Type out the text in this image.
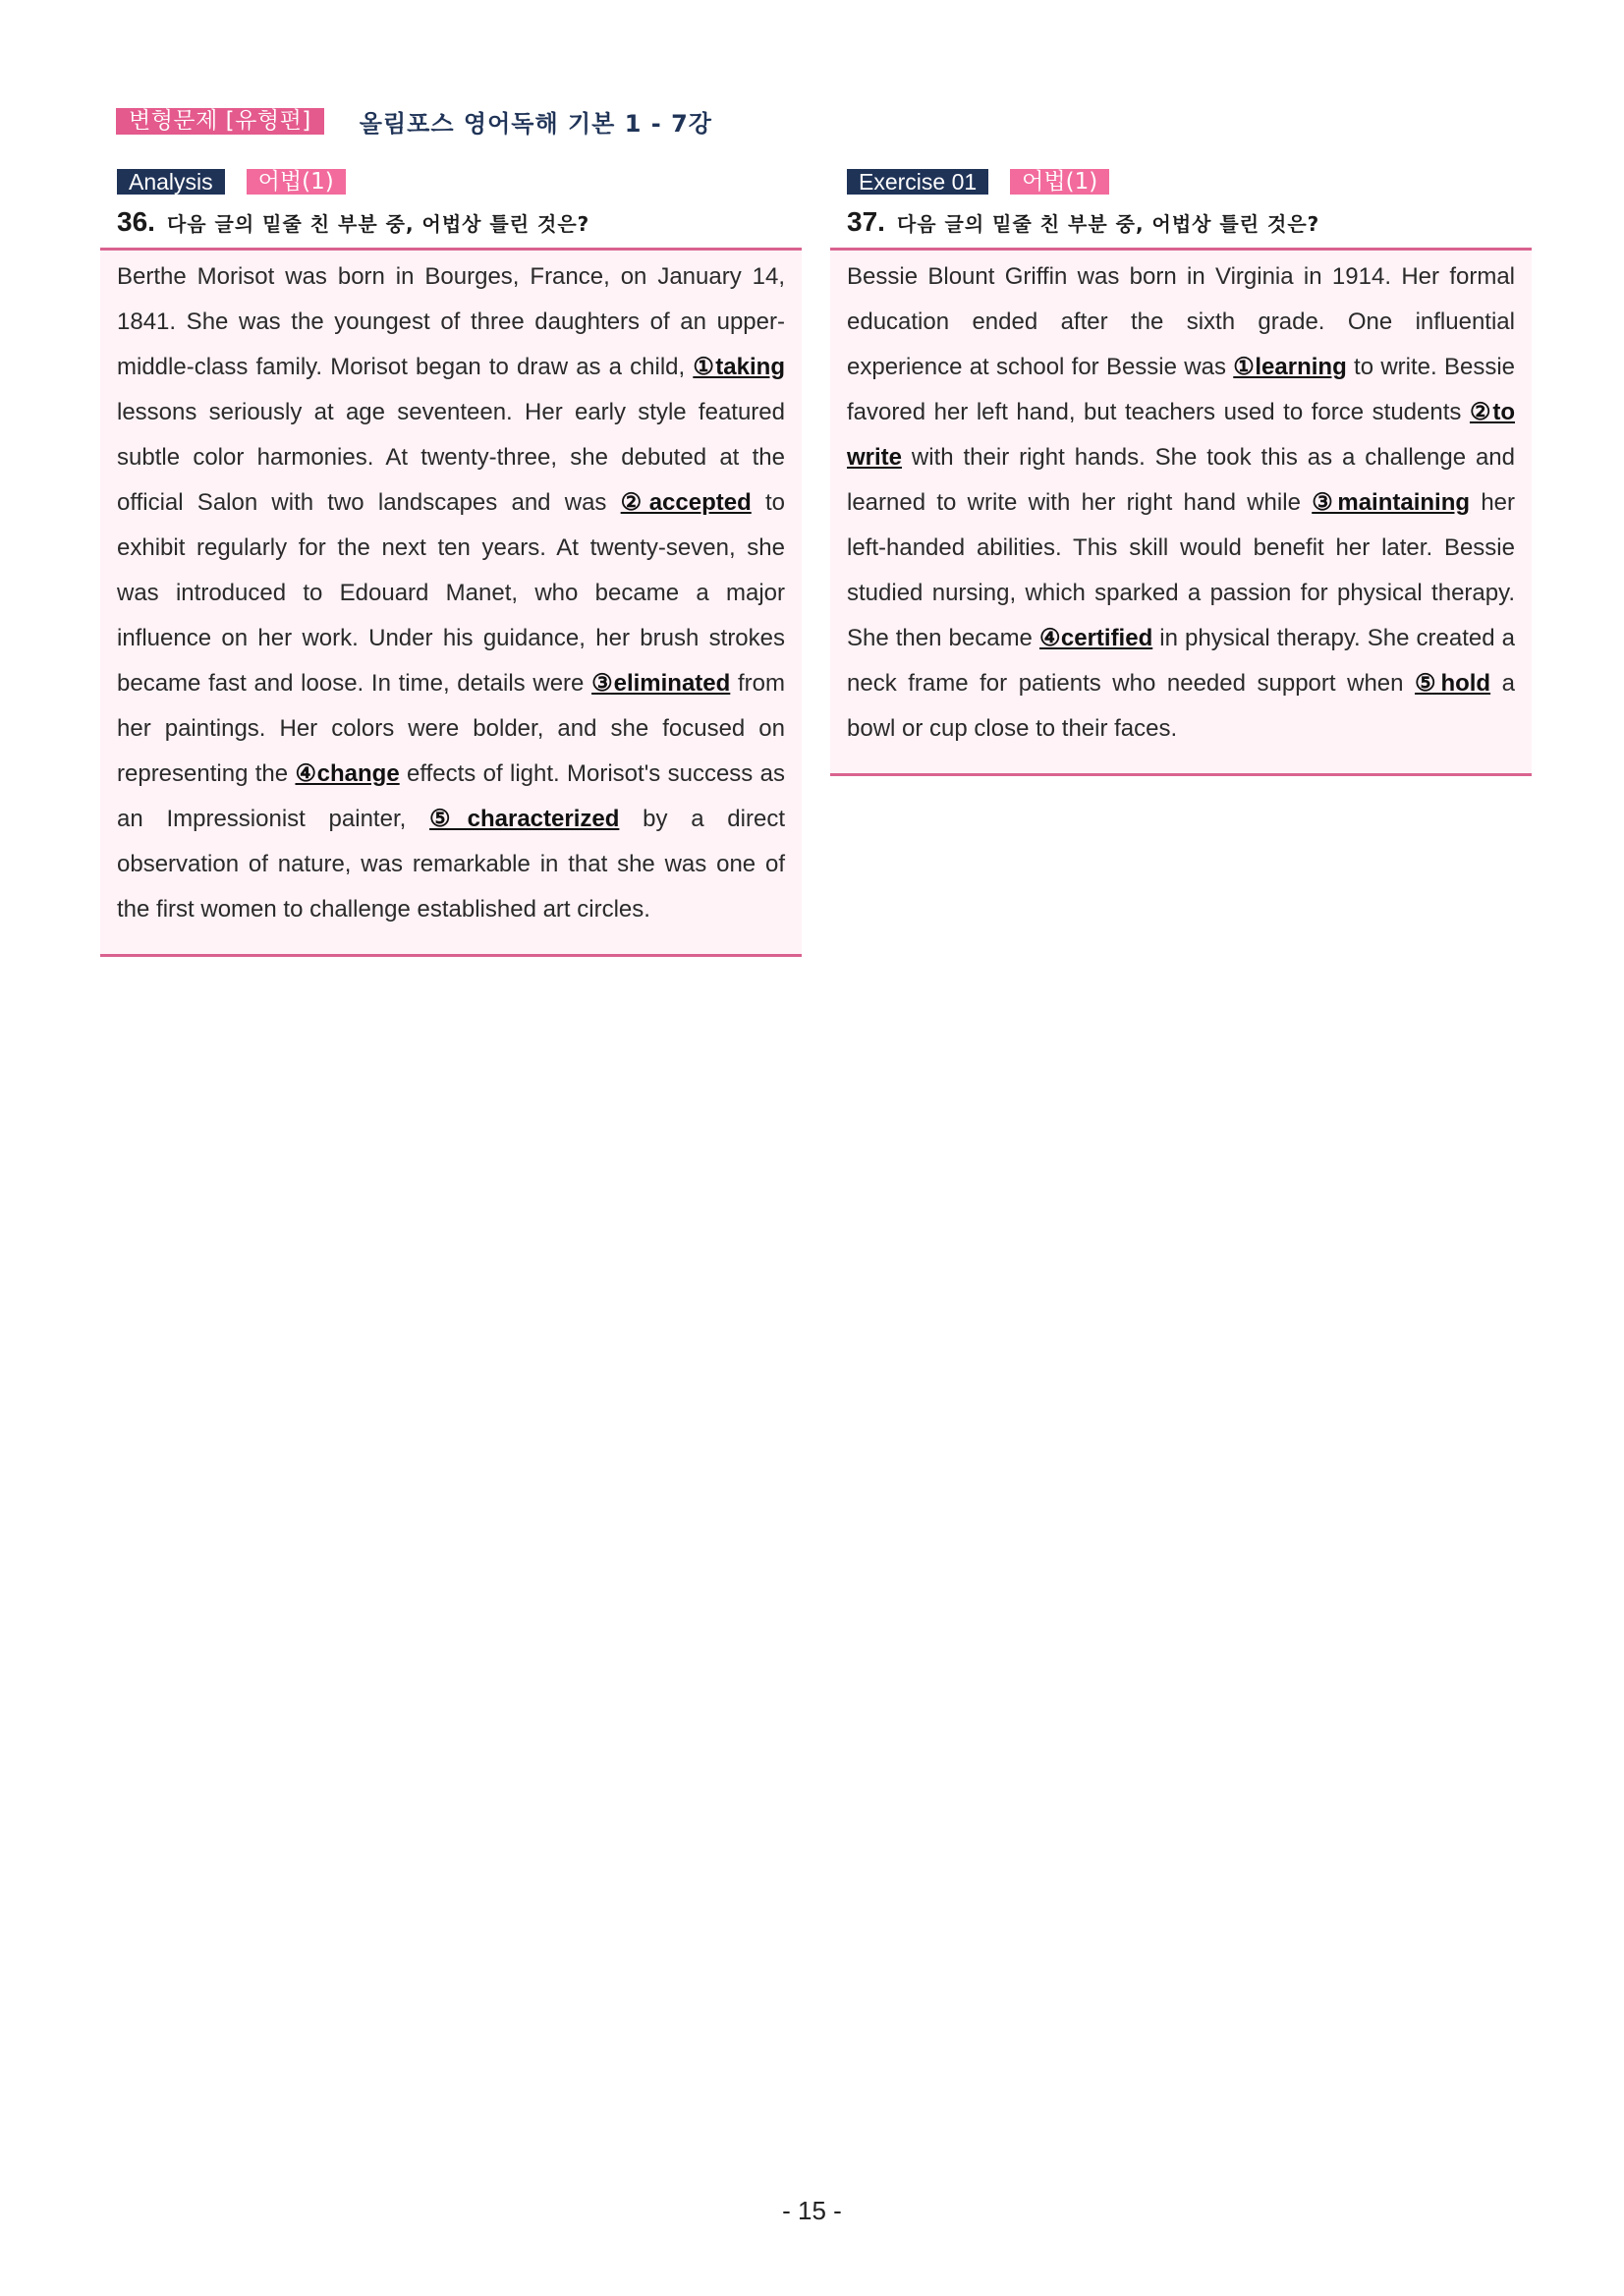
변형문제 [유형편]	올림포스 영어독해 기본 1 - 7강
Analysis	어법(1)
36. 다음 글의 밑줄 친 부분 중, 어법상 틀린 것은?

Berthe Morisot was born in Bourges, France, on January 14, 1841. She was the youngest of three daughters of an upper-middle-class family. Morisot began to draw as a child, ①taking lessons seriously at age seventeen. Her early style featured subtle color harmonies. At twenty-three, she debuted at the official Salon with two landscapes and was ②accepted to exhibit regularly for the next ten years. At twenty-seven, she was introduced to Edouard Manet, who became a major influence on her work. Under his guidance, her brush strokes became fast and loose. In time, details were ③eliminated from her paintings. Her colors were bolder, and she focused on representing the ④change effects of light. Morisot's success as an Impressionist painter, ⑤characterized by a direct observation of nature, was remarkable in that she was one of the first women to challenge established art circles.

Exercise 01	어법(1)
37. 다음 글의 밑줄 친 부분 중, 어법상 틀린 것은?

Bessie Blount Griffin was born in Virginia in 1914. Her formal education ended after the sixth grade. One influential experience at school for Bessie was ①learning to write. Bessie favored her left hand, but teachers used to force students ②to write with their right hands. She took this as a challenge and learned to write with her right hand while ③maintaining her left-handed abilities. This skill would benefit her later. Bessie studied nursing, which sparked a passion for physical therapy. She then became ④certified in physical therapy. She created a neck frame for patients who needed support when ⑤hold a bowl or cup close to their faces.

- 15 -
